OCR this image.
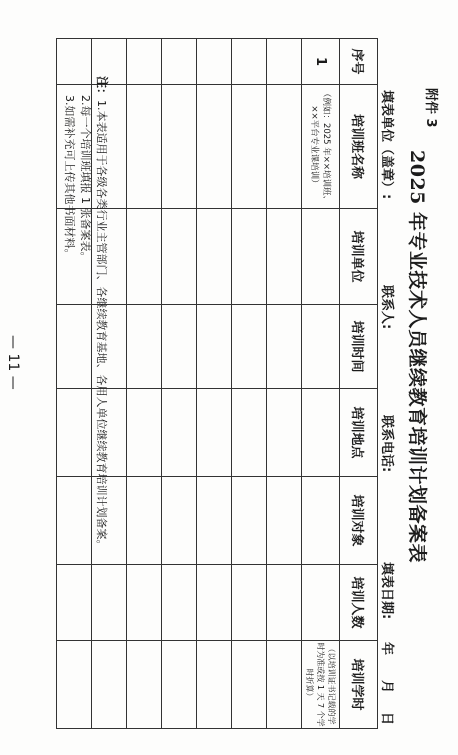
附件 3
2025 年专业技术人员继续教育培训计划备案表
填表单位（盖章）:
联系人:
联系电话:
填表日期:
年
月
日
序号	培训班名称	培训单位	培训时间	培训地点	培训对象	培训人数	培训学时
1	（例如：2025 年××培训班、××平台专业课培训）						（以培训证书记载的学时为准或按 1 天 7 个学时折算）

注：1.本表适用于各级各类行业主管部门、各继续教育基地、各用人单位继续教育培训计划备案。
2.每一个培训班填报 1 张备案表。
3.如需补充可上传其他书面材料。
— 11 —
